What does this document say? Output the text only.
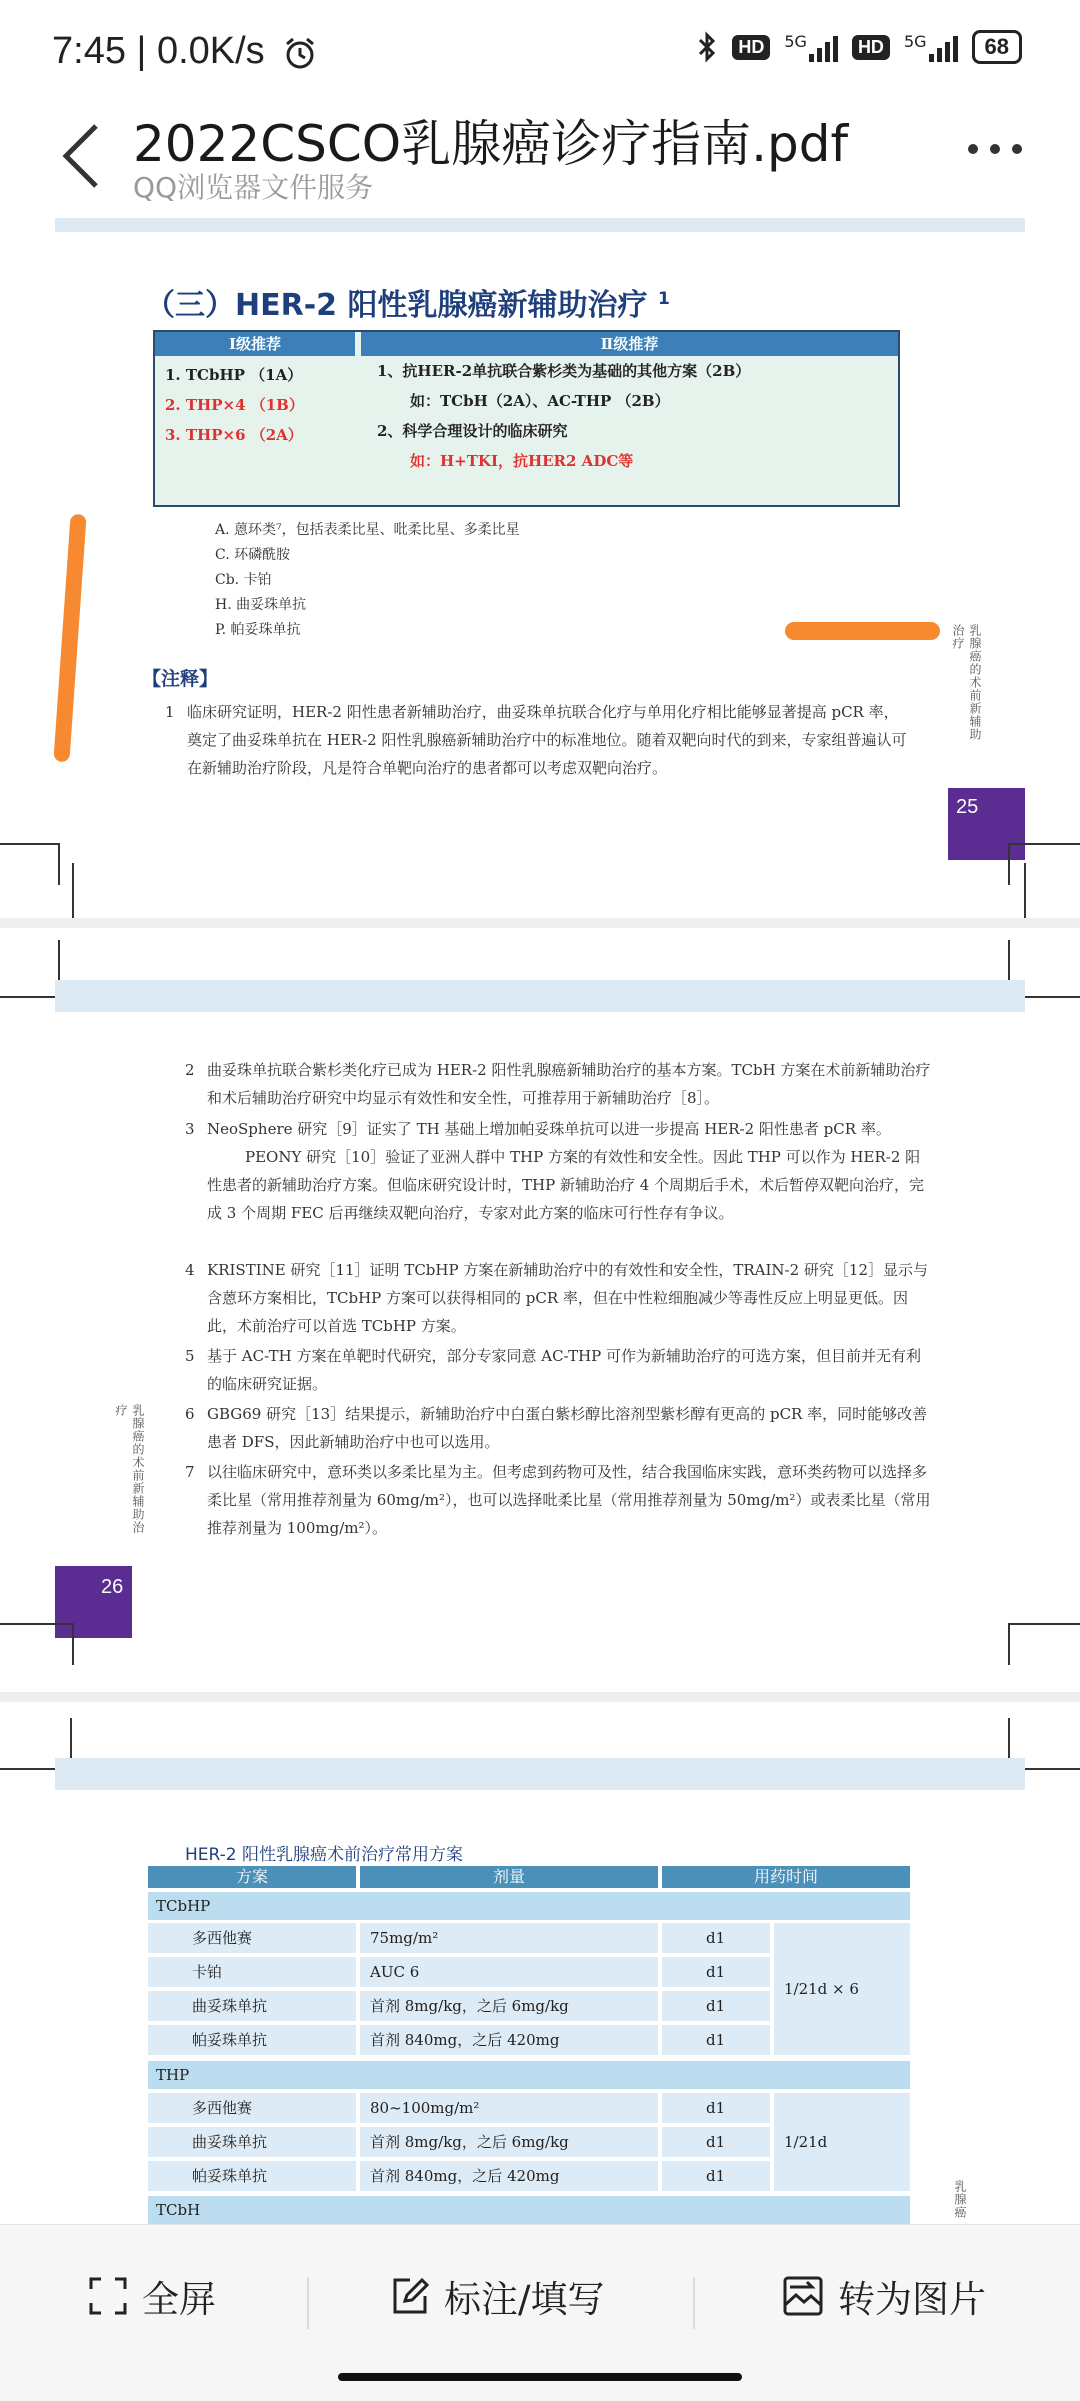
7:45 | 0.0K/s	HD	5G	HD	5G	68
2022CSCO乳腺癌诊疗指南.pdf
QQ浏览器文件服务
（三）HER-2 阳性乳腺癌新辅助治疗 $^1$
Ⅰ级推荐	Ⅱ级推荐
1. TCbHP （1A）
2. THP×4 （1B）
3. THP×6 （2A）
1、抗HER-2单抗联合紫杉类为基础的其他方案（2B）
如：TCbH（2A）、AC-THP （2B）
2、科学合理设计的临床研究
如：H+TKI，抗HER2 ADC等
A. 蒽环类⁷，包括表柔比星、吡柔比星、多柔比星
C. 环磷酰胺
Cb. 卡铂
H. 曲妥珠单抗
P. 帕妥珠单抗
【注释】
1 临床研究证明，HER-2 阳性患者新辅助治疗，曲妥珠单抗联合化疗与单用化疗相比能够显著提高 pCR 率，奠定了曲妥珠单抗在 HER-2 阳性乳腺癌新辅助治疗中的标准地位。随着双靶向时代的到来，专家组普遍认可在新辅助治疗阶段，凡是符合单靶向治疗的患者都可以考虑双靶向治疗。
乳腺癌的术前新辅助治疗
25
2 曲妥珠单抗联合紫杉类化疗已成为 HER-2 阳性乳腺癌新辅助治疗的基本方案。TCbH 方案在术前新辅助治疗和术后辅助治疗研究中均显示有效性和安全性，可推荐用于新辅助治疗［8］。
3 NeoSphere 研究［9］证实了 TH 基础上增加帕妥珠单抗可以进一步提高 HER-2 阳性患者 pCR 率。
PEONY 研究［10］验证了亚洲人群中 THP 方案的有效性和安全性。因此 THP 可以作为 HER-2 阳性患者的新辅助治疗方案。但临床研究设计时，THP 新辅助治疗 4 个周期后手术，术后暂停双靶向治疗，完成 3 个周期 FEC 后再继续双靶向治疗，专家对此方案的临床可行性存有争议。
4 KRISTINE 研究［11］证明 TCbHP 方案在新辅助治疗中的有效性和安全性，TRAIN-2 研究［12］显示与含蒽环方案相比，TCbHP 方案可以获得相同的 pCR 率，但在中性粒细胞减少等毒性反应上明显更低。因此，术前治疗可以首选 TCbHP 方案。
5 基于 AC-TH 方案在单靶时代研究，部分专家同意 AC-THP 可作为新辅助治疗的可选方案，但目前并无有利的临床研究证据。
6 GBG69 研究［13］结果提示，新辅助治疗中白蛋白紫杉醇比溶剂型紫杉醇有更高的 pCR 率，同时能够改善患者 DFS，因此新辅助治疗中也可以选用。
7 以往临床研究中，意环类以多柔比星为主。但考虑到药物可及性，结合我国临床实践，意环类药物可以选择多柔比星（常用推荐剂量为 60mg/m²），也可以选择吡柔比星（常用推荐剂量为 50mg/m²）或表柔比星（常用推荐剂量为 100mg/m²）。
乳腺癌的术前新辅助治疗
26
HER-2 阳性乳腺癌术前治疗常用方案
方案	剂量	用药时间
TCbHP
多西他赛	75mg/m²	d1
卡铂	AUC 6	d1
曲妥珠单抗	首剂 8mg/kg，之后 6mg/kg	d1
帕妥珠单抗	首剂 840mg，之后 420mg	d1
1/21d × 6
THP
多西他赛	80~100mg/m²	d1
曲妥珠单抗	首剂 8mg/kg，之后 6mg/kg	d1
帕妥珠单抗	首剂 840mg，之后 420mg	d1
1/21d
TCbH	乳腺癌
全屏	标注/填写	转为图片
